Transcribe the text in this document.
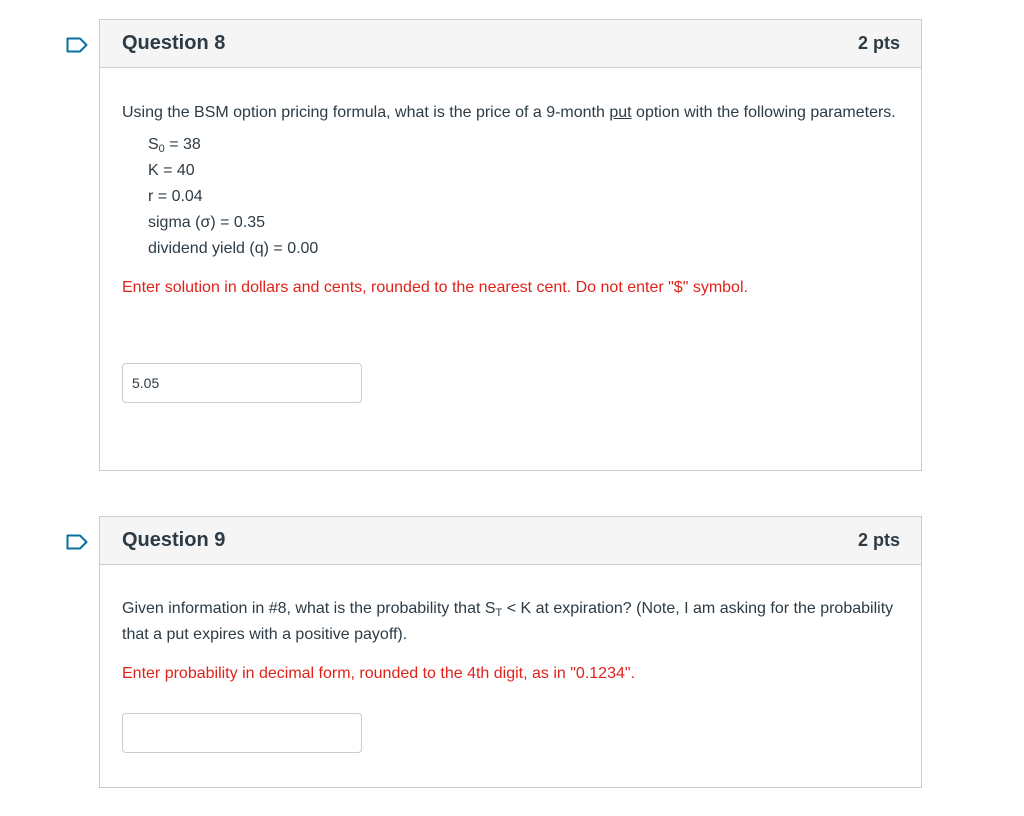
Question 8	2 pts

Using the BSM option pricing formula, what is the price of a 9-month put option with the following parameters.

$S_0 = 38$
K = 40
r = 0.04
sigma (σ) = 0.35
dividend yield (q) = 0.00

Enter solution in dollars and cents, rounded to the nearest cent. Do not enter "$" symbol.

5.05
Question 9	2 pts

Given information in #8, what is the probability that $S_T < K$ at expiration? (Note, I am asking for the probability that a put expires with a positive payoff).

Enter probability in decimal form, rounded to the 4th digit, as in "0.1234".
